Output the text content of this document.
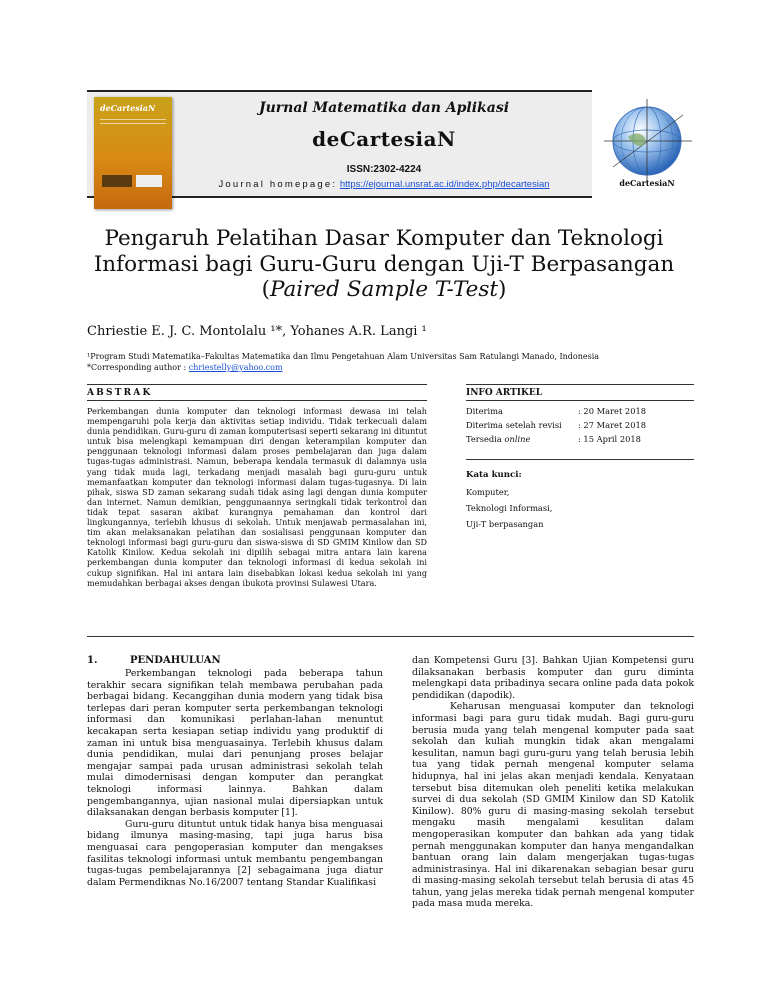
deCartesiaN	Jurnal Matematika dan Aplikasi
deCartesiaN
ISSN:2302-4224
Journal homepage: https://ejournal.unsrat.ac.id/index.php/decartesian	deCartesiaN
Pengaruh Pelatihan Dasar Komputer dan Teknologi
Informasi bagi Guru-Guru dengan Uji-T Berpasangan
(Paired Sample T-Test)
Chriestie E. J. C. Montolalu ¹*, Yohanes A.R. Langi ¹
¹Program Studi Matematika–Fakultas Matematika dan Ilmu Pengetahuan Alam Universitas Sam Ratulangi Manado, Indonesia
*Corresponding author : chriestelly@yahoo.com
ABSTRAK
Perkembangan dunia komputer dan teknologi informasi dewasa ini telah mempengaruhi pola kerja dan aktivitas setiap individu. Tidak terkecuali dalam dunia pendidikan. Guru-guru di zaman komputerisasi seperti sekarang ini dituntut untuk bisa melengkapi kemampuan diri dengan keterampilan komputer dan penggunaan teknologi informasi dalam proses pembelajaran dan juga dalam tugas-tugas administrasi. Namun, beberapa kendala termasuk di dalamnya usia yang tidak muda lagi, terkadang menjadi masalah bagi guru-guru untuk memanfaatkan komputer dan teknologi informasi dalam tugas-tugasnya. Di lain pihak, siswa SD zaman sekarang sudah tidak asing lagi dengan dunia komputer dan internet. Namun demikian, penggunaannya seringkali tidak terkontrol dan tidak tepat sasaran akibat kurangnya pemahaman dan kontrol dari lingkungannya, terlebih khusus di sekolah. Untuk menjawab permasalahan ini, tim akan melaksanakan pelatihan dan sosialisasi penggunaan komputer dan teknologi informasi bagi guru-guru dan siswa-siswa di SD GMIM Kinilow dan SD Katolik Kinilow. Kedua sekolah ini dipilih sebagai mitra antara lain karena perkembangan dunia komputer dan teknologi informasi di kedua sekolah ini cukup signifikan. Hal ini antara lain disebabkan lokasi kedua sekolah ini yang memudahkan berbagai akses dengan ibukota provinsi Sulawesi Utara.
INFO ARTIKEL
Diterima	: 20 Maret 2018
Diterima setelah revisi : 27 Maret 2018
Tersedia online	: 15 April 2018
Kata kunci:
Komputer,
Teknologi Informasi,
Uji-T berpasangan
1.	PENDAHULUAN

Perkembangan teknologi pada beberapa tahun terakhir secara signifikan telah membawa perubahan pada berbagai bidang. Kecanggihan dunia modern yang tidak bisa terlepas dari peran komputer serta perkembangan teknologi informasi dan komunikasi perlahan-lahan menuntut kecakapan serta kesiapan setiap individu yang produktif di zaman ini untuk bisa menguasainya. Terlebih khusus dalam dunia pendidikan, mulai dari penunjang proses belajar mengajar sampai pada urusan administrasi sekolah telah mulai dimodernisasi dengan komputer dan perangkat teknologi informasi lainnya. Bahkan dalam pengembangannya, ujian nasional mulai dipersiapkan untuk dilaksanakan dengan berbasis komputer [1].

Guru-guru dituntut untuk tidak hanya bisa menguasai bidang ilmunya masing-masing, tapi juga harus bisa menguasai cara pengoperasian komputer dan mengakses fasilitas teknologi informasi untuk membantu pengembangan tugas-tugas pembelajarannya [2] sebagaimana juga diatur dalam Permendiknas No.16/2007 tentang Standar Kualifikasi

dan Kompetensi Guru [3]. Bahkan Ujian Kompetensi guru dilaksanakan berbasis komputer dan guru diminta melengkapi data pribadinya secara online pada data pokok pendidikan (dapodik).

Keharusan menguasai komputer dan teknologi informasi bagi para guru tidak mudah. Bagi guru-guru berusia muda yang telah mengenal komputer pada saat sekolah dan kuliah mungkin tidak akan mengalami kesulitan, namun bagi guru-guru yang telah berusia lebih tua yang tidak pernah mengenal komputer selama hidupnya, hal ini jelas akan menjadi kendala. Kenyataan tersebut bisa ditemukan oleh peneliti ketika melakukan survei di dua sekolah (SD GMIM Kinilow dan SD Katolik Kinilow). 80% guru di masing-masing sekolah tersebut mengaku masih mengalami kesulitan dalam mengoperasikan komputer dan bahkan ada yang tidak pernah menggunakan komputer dan hanya mengandalkan bantuan orang lain dalam mengerjakan tugas-tugas administrasinya. Hal ini dikarenakan sebagian besar guru di masing-masing sekolah tersebut telah berusia di atas 45 tahun, yang jelas mereka tidak pernah mengenal komputer pada masa muda mereka.
